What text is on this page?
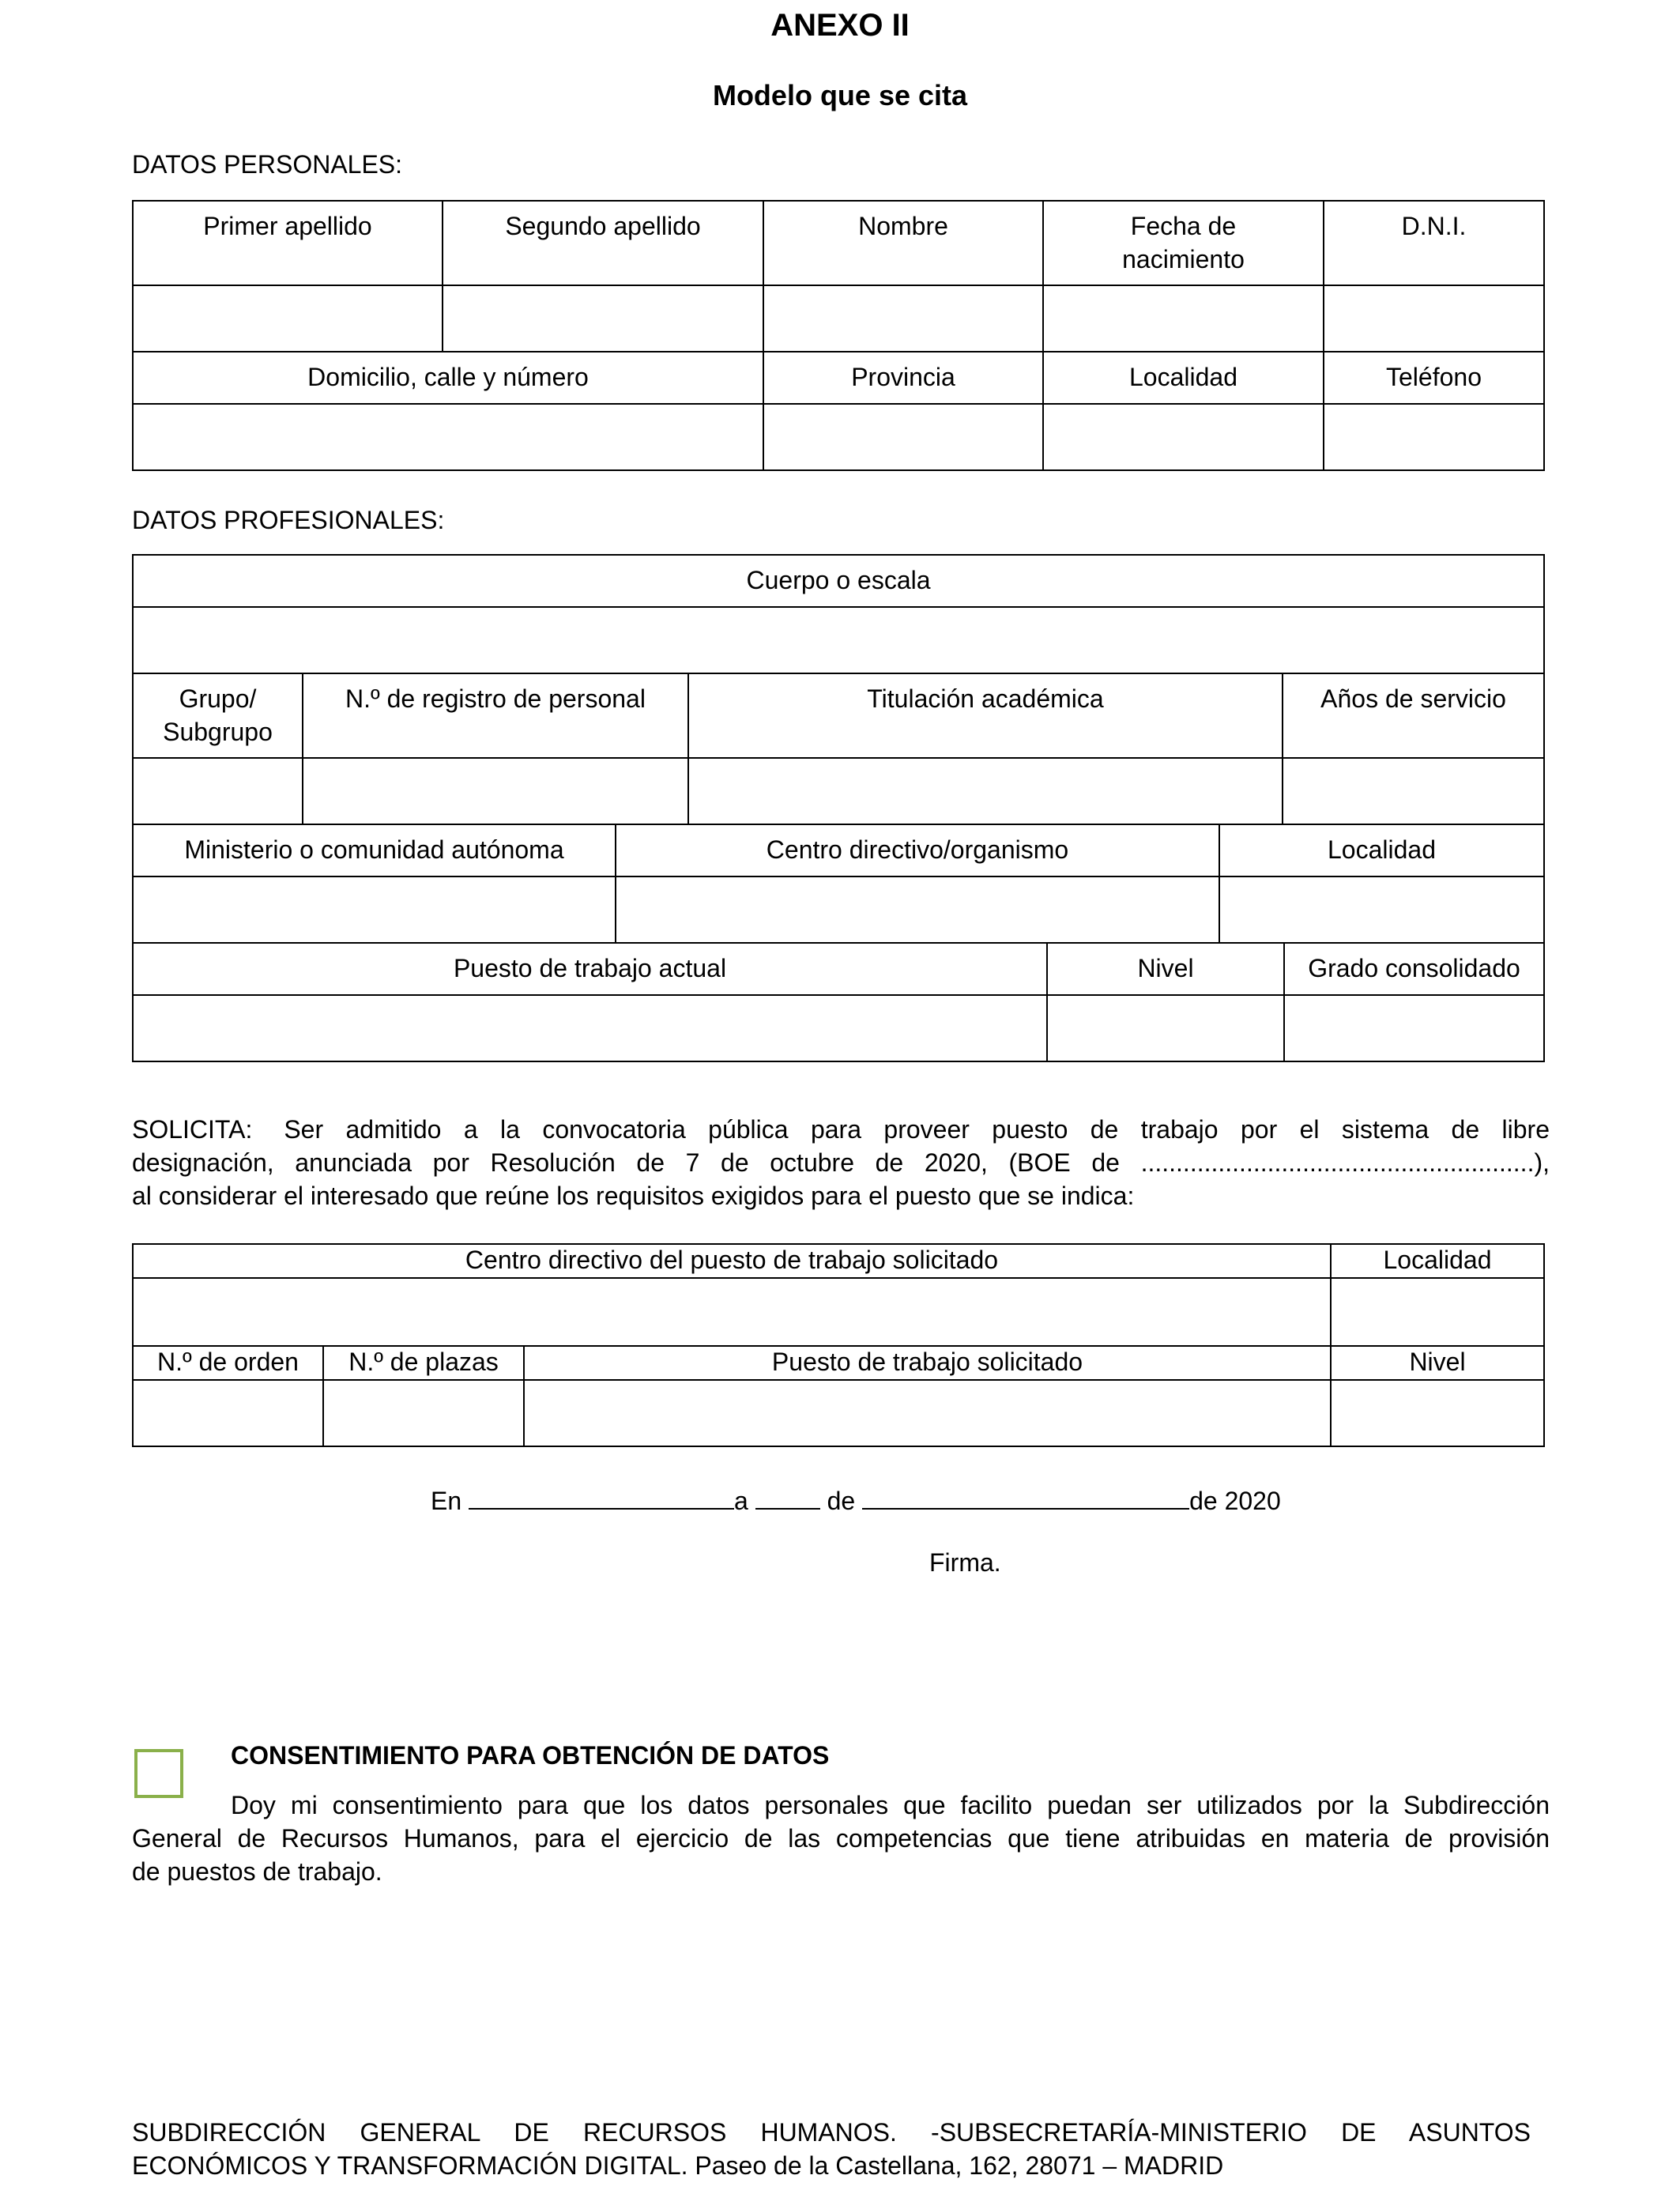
ANEXO II
Modelo que se cita
DATOS PERSONALES:
Primer apellido	Segundo apellido	Nombre	Fecha de nacimiento	D.N.I.

Domicilio, calle y número		Provincia	Localidad	Teléfono

DATOS PROFESIONALES:
Cuerpo o escala			

Grupo/ Subgrupo	N.º de registro de personal	Titulación académica	Años de servicio

Ministerio o comunidad autónoma	Centro directivo/organismo	Localidad

Puesto de trabajo actual	Nivel	Grado consolidado

SOLICITA: Ser admitido a la convocatoria pública para proveer puesto de trabajo por el sistema de libre
designación, anunciada por Resolución de 7 de octubre de 2020, (BOE de ........................................................),
al considerar el interesado que reúne los requisitos exigidos para el puesto que se indica:
Centro directivo del puesto de trabajo solicitado			Localidad

N.º de orden	N.º de plazas	Puesto de trabajo solicitado	Nivel

En	a	de	de 2020
Firma.
CONSENTIMIENTO PARA OBTENCIÓN DE DATOS
Doy mi consentimiento para que los datos personales que facilito puedan ser utilizados por la Subdirección
General de Recursos Humanos, para el ejercicio de las competencias que tiene atribuidas en materia de provisión
de puestos de trabajo.
SUBDIRECCIÓN GENERAL DE RECURSOS HUMANOS. -SUBSECRETARÍA-MINISTERIO DE ASUNTOS
ECONÓMICOS Y TRANSFORMACIÓN DIGITAL. Paseo de la Castellana, 162, 28071 – MADRID
